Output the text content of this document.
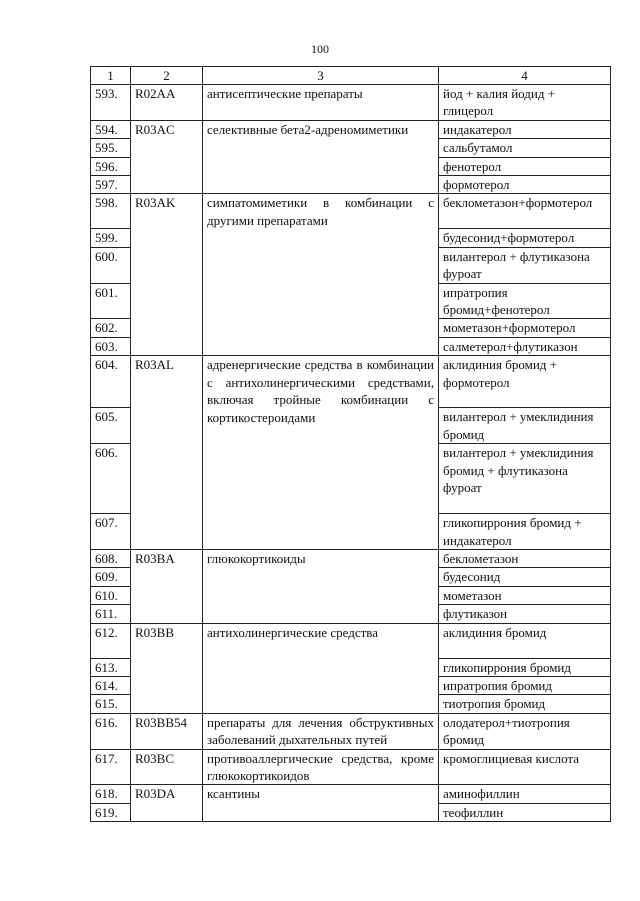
100
1	2	3	4
593.	R02AA	антисептические препараты	йод + калия йодид + глицерол
594.	R03AC	селективные бета2-адреномиметики	индакатерол
595.			сальбутамол
596.			фенотерол
597.			формотерол
598.	R03AK	симпатомиметики в комбинации с другими препаратами	беклометазон+формотерол
599.			будесонид+формотерол
600.			вилантерол + флутиказона фуроат
601.			ипратропия бромид+фенотерол
602.			мометазон+формотерол
603.			салметерол+флутиказон
604.	R03AL	адренергические средства в комбинации с антихолинергическими средствами, включая тройные комбинации с кортикостероидами	аклидиния бромид + формотерол
605.			вилантерол + умеклидиния бромид
606.			вилантерол + умеклидиния бромид + флутиказона фуроат
607.			гликопиррония бромид + индакатерол
608.	R03BA	глюкокортикоиды	беклометазон
609.			будесонид
610.			мометазон
611.			флутиказон
612.	R03BB	антихолинергические средства	аклидиния бромид
613.			гликопиррония бромид
614.			ипратропия бромид
615.			тиотропия бромид
616.	R03BB54	препараты для лечения обструктивных заболеваний дыхательных путей	олодатерол+тиотропия бромид
617.	R03BC	противоаллергические средства, кроме глюкокортикоидов	кромоглициевая кислота
618.	R03DA	ксантины	аминофиллин
619.			теофиллин
